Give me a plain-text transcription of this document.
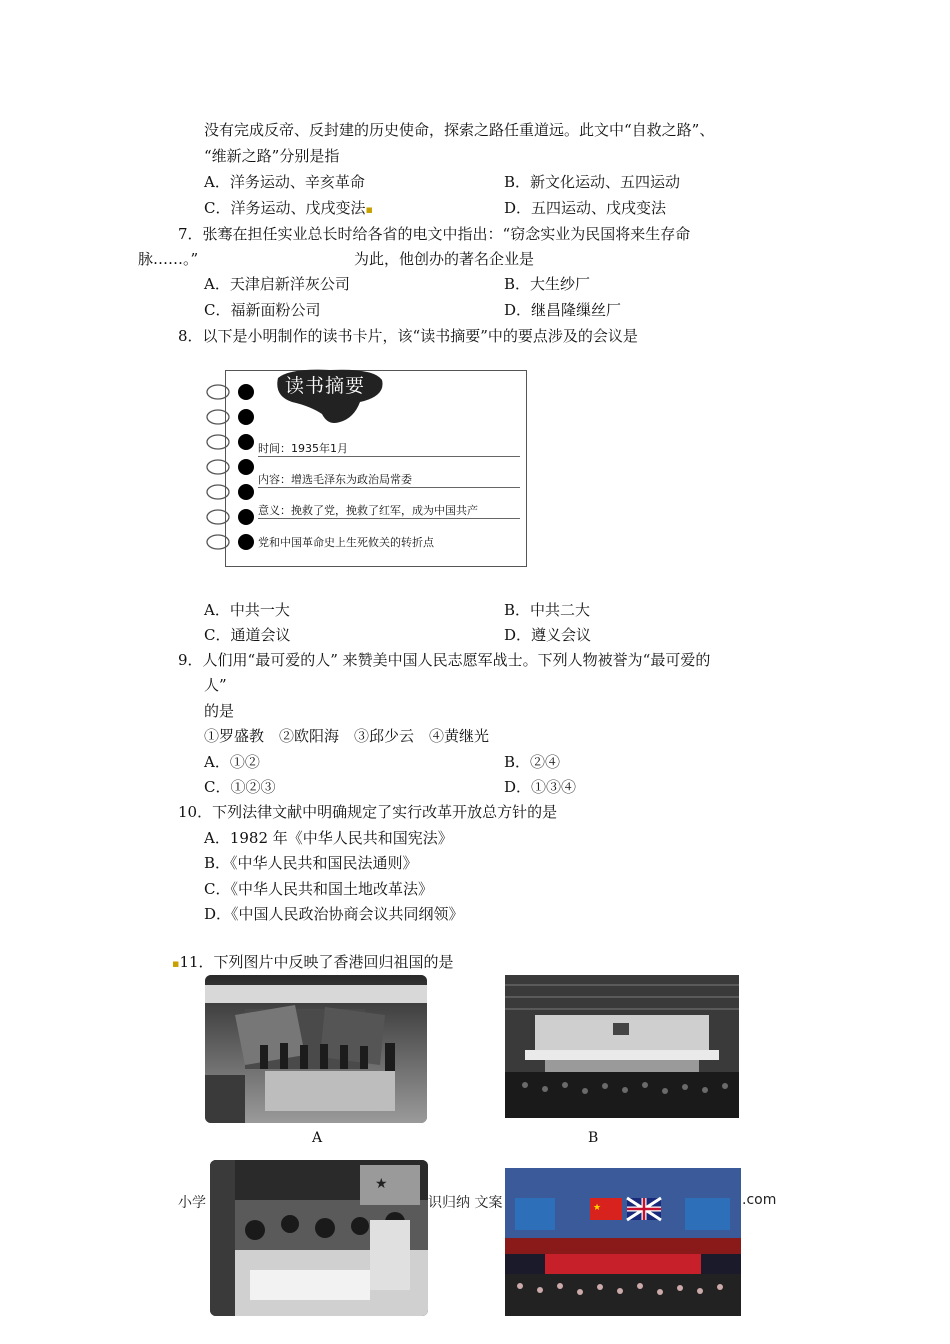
没有完成反帝、反封建的历史使命，探索之路任重道远。此文中“自救之路”、
“维新之路”分别是指
A．洋务运动、辛亥革命	B．新文化运动、五四运动
C．洋务运动、戊戌变法▪	D．五四运动、戊戌变法
7．张骞在担任实业总长时给各省的电文中指出：“窃念实业为民国将来生存命
脉……。”	为此，他创办的著名企业是
A．天津启新洋灰公司	B．大生纱厂
C．福新面粉公司	D．继昌隆缫丝厂
8．以下是小明制作的读书卡片，该“读书摘要”中的要点涉及的会议是
读书摘要
时间：1935年1月
内容：增选毛泽东为政治局常委
意义：挽救了党，挽救了红军，成为中国共产
党和中国革命史上生死攸关的转折点
A．中共一大	B．中共二大
C．通道会议	D．遵义会议
9．人们用“最可爱的人” 来赞美中国人民志愿军战士。下列人物被誉为“最可爱的
人”
的是
①罗盛教　②欧阳海　③邱少云　④黄继光
A．①②	B．②④
C．①②③	D．①③④
10．下列法律文献中明确规定了实行改革开放总方针的是
A．1982 年《中华人民共和国宪法》
B．《中华人民共和国民法通则》
C．《中华人民共和国土地改革法》
D．《中国人民政治协商会议共同纲领》
▪11．下列图片中反映了香港回归祖国的是
A	B
★
★
小学	识归纳 文案	.com
